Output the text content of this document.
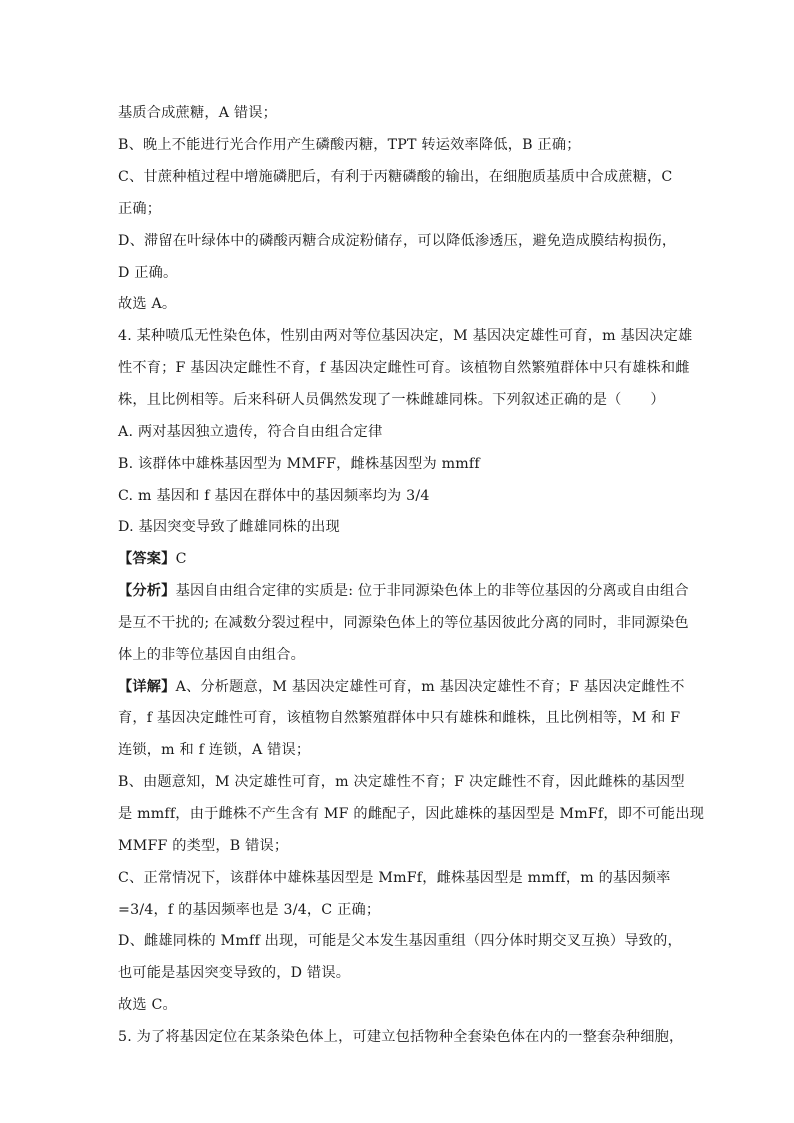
基质合成蔗糖，A 错误；
B、晚上不能进行光合作用产生磷酸丙糖，TPT 转运效率降低，B 正确；
C、甘蔗种植过程中增施磷肥后，有利于丙糖磷酸的输出，在细胞质基质中合成蔗糖，C
正确；
D、滞留在叶绿体中的磷酸丙糖合成淀粉储存，可以降低渗透压，避免造成膜结构损伤，
D 正确。
故选 A。
4. 某种喷瓜无性染色体，性别由两对等位基因决定，M 基因决定雄性可育，m 基因决定雄
性不育；F 基因决定雌性不育，f 基因决定雌性可育。该植物自然繁殖群体中只有雄株和雌
株，且比例相等。后来科研人员偶然发现了一株雌雄同株。下列叙述正确的是（　　）
A. 两对基因独立遗传，符合自由组合定律
B. 该群体中雄株基因型为 MMFF，雌株基因型为 mmff
C. m 基因和 f 基因在群体中的基因频率均为 3/4
D. 基因突变导致了雌雄同株的出现
【答案】C
【分析】基因自由组合定律的实质是: 位于非同源染色体上的非等位基因的分离或自由组合
是互不干扰的; 在减数分裂过程中，同源染色体上的等位基因彼此分离的同时，非同源染色
体上的非等位基因自由组合。
【详解】A、分析题意，M 基因决定雄性可育，m 基因决定雄性不育；F 基因决定雌性不
育，f 基因决定雌性可育，该植物自然繁殖群体中只有雄株和雌株，且比例相等，M 和 F
连锁，m 和 f 连锁，A 错误；
B、由题意知，M 决定雄性可育，m 决定雄性不育；F 决定雌性不育，因此雌株的基因型
是 mmff，由于雌株不产生含有 MF 的雌配子，因此雄株的基因型是 MmFf，即不可能出现
MMFF 的类型，B 错误；
C、正常情况下，该群体中雄株基因型是 MmFf，雌株基因型是 mmff，m 的基因频率
=3/4，f 的基因频率也是 3/4，C 正确；
D、雌雄同株的 Mmff 出现，可能是父本发生基因重组（四分体时期交叉互换）导致的，
也可能是基因突变导致的，D 错误。
故选 C。
5. 为了将基因定位在某条染色体上，可建立包括物种全套染色体在内的一整套杂种细胞，
